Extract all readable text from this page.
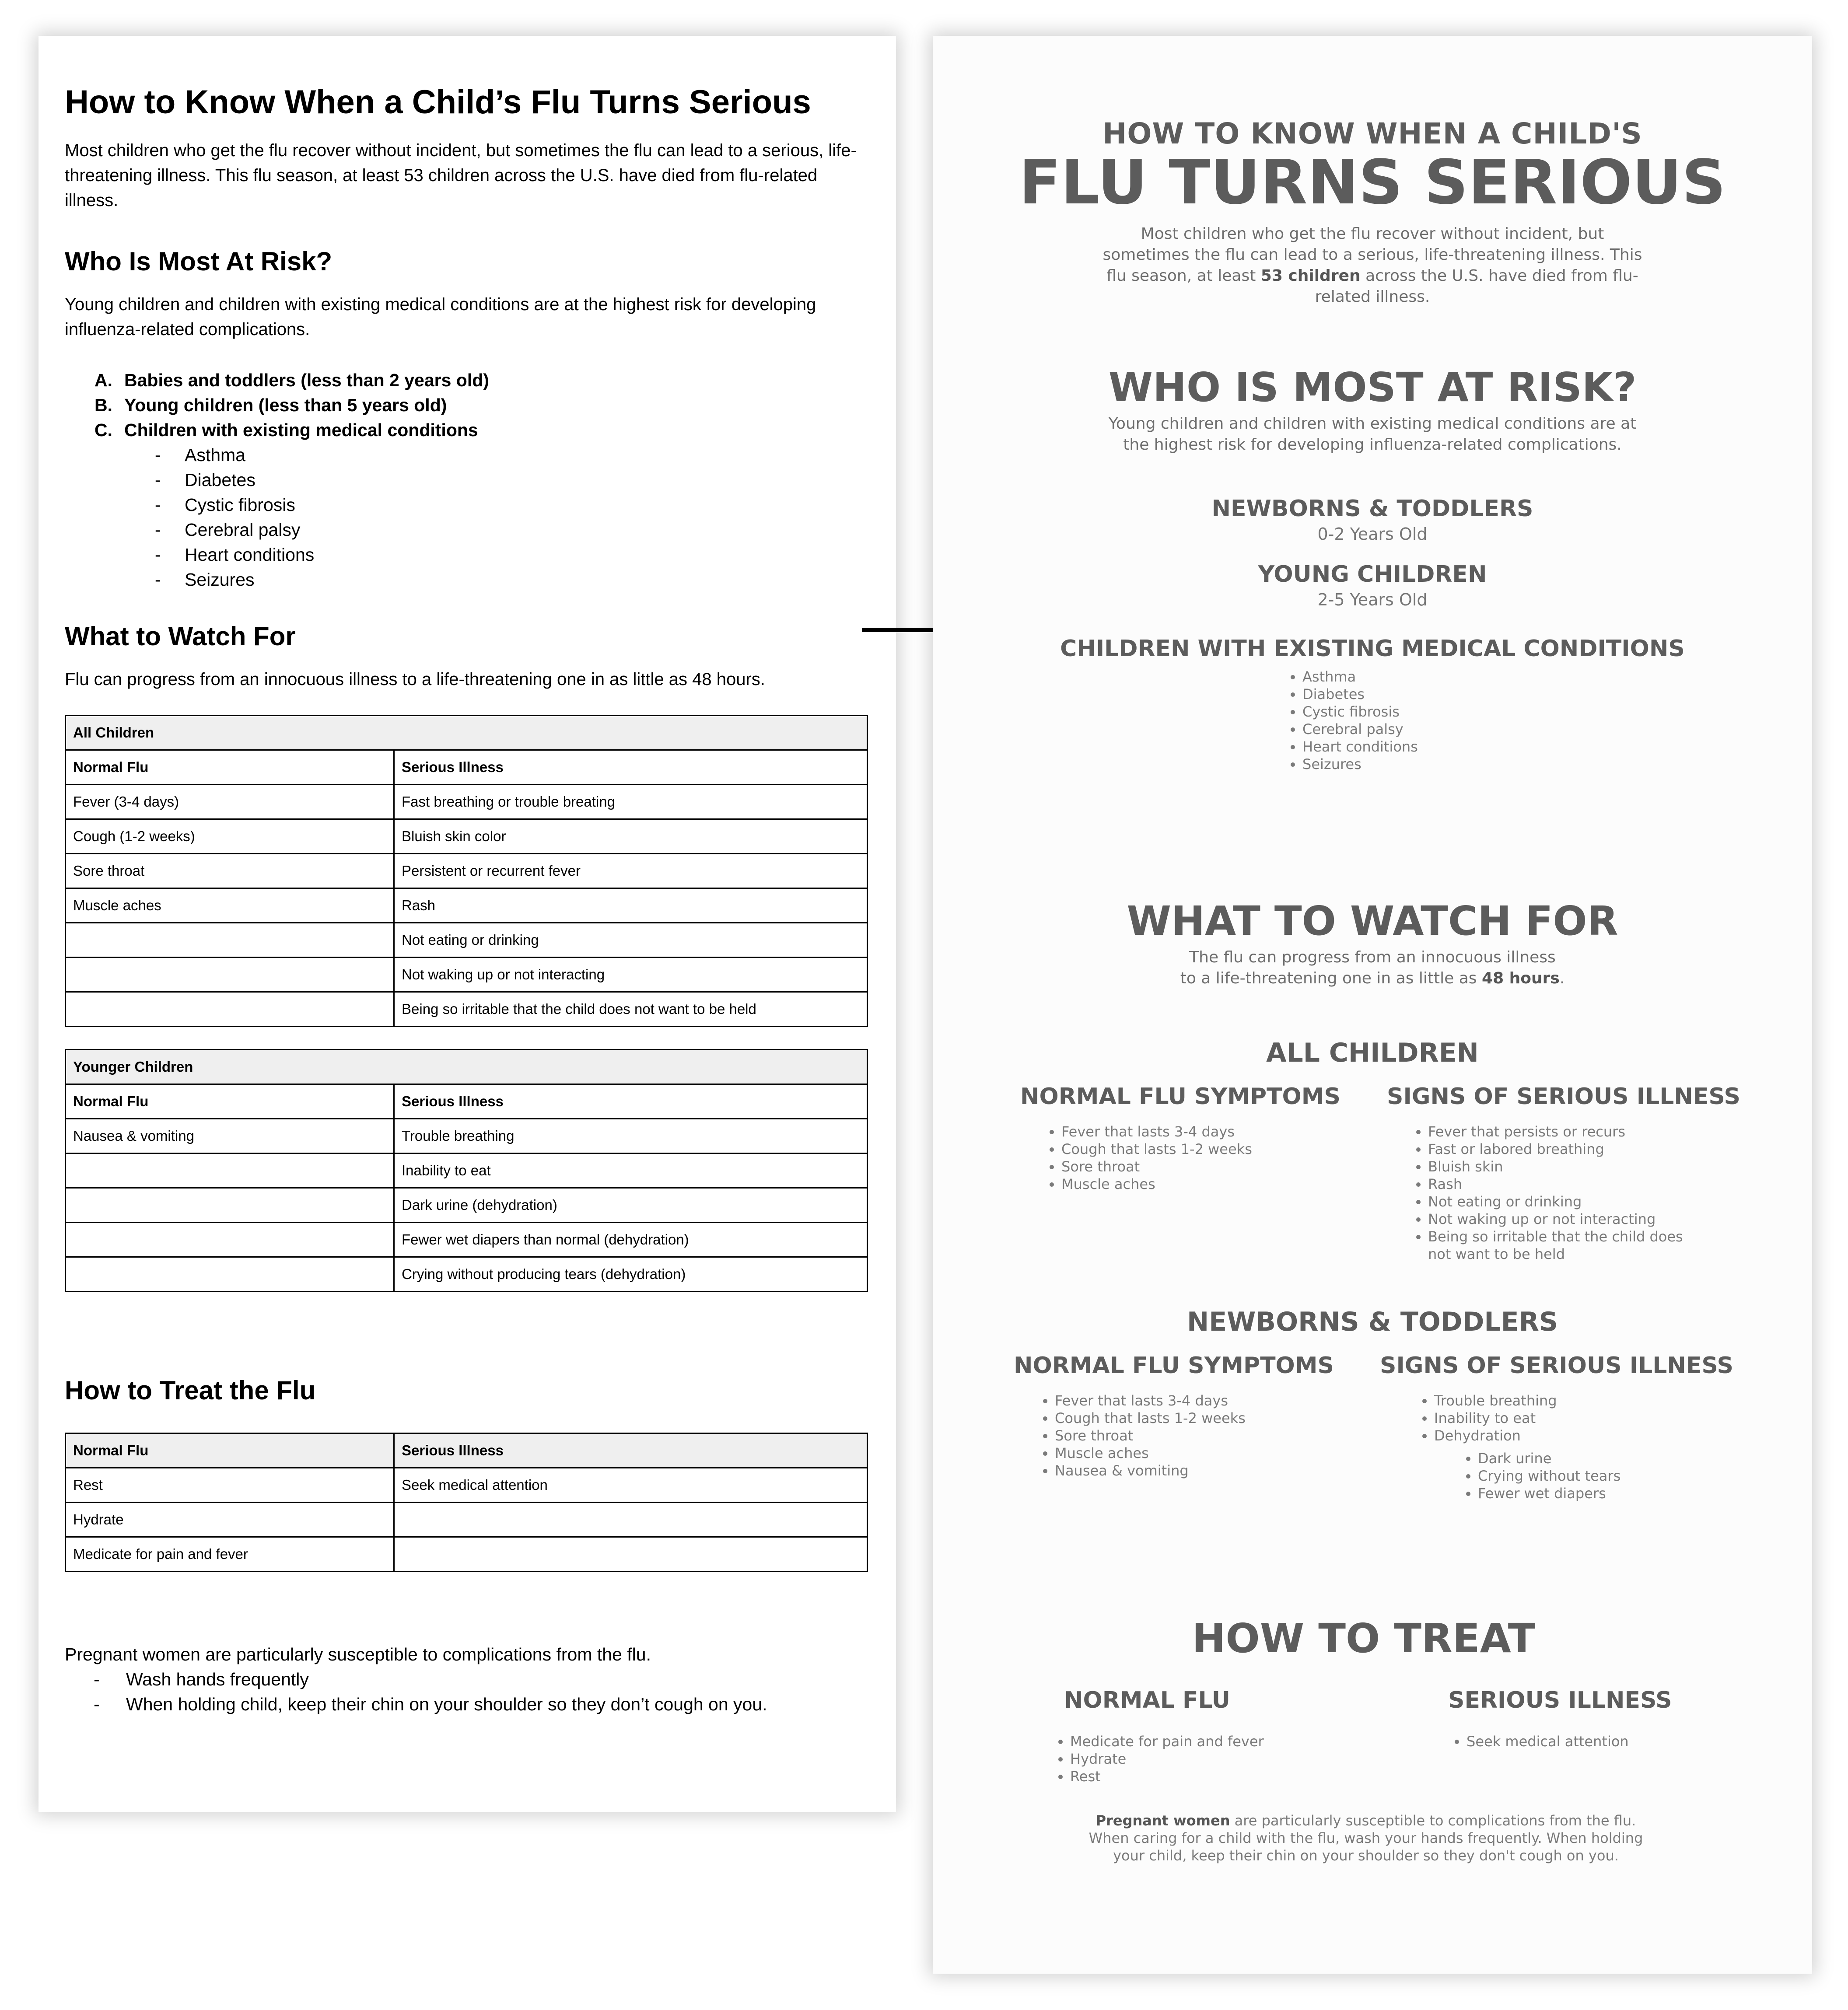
How to Know When a Child’s Flu Turns Serious

Most children who get the flu recover without incident, but sometimes the flu can lead to a serious, life-threatening illness. This flu season, at least 53 children across the U.S. have died from flu-related illness.

Who Is Most At Risk?

Young children and children with existing medical conditions are at the highest risk for developing influenza-related complications.

A. Babies and toddlers (less than 2 years old)
B. Young children (less than 5 years old)
C. Children with existing medical conditions
- Asthma
- Diabetes
- Cystic fibrosis
- Cerebral palsy
- Heart conditions
- Seizures
What to Watch For

Flu can progress from an innocuous illness to a life-threatening one in as little as 48 hours.

All Children	
Normal Flu	Serious Illness
Fever (3-4 days)	Fast breathing or trouble breating
Cough (1-2 weeks)	Bluish skin color
Sore throat	Persistent or recurrent fever
Muscle aches	Rash
	Not eating or drinking
	Not waking up or not interacting
	Being so irritable that the child does not want to be held
Younger Children	
Normal Flu	Serious Illness
Nausea & vomiting	Trouble breathing
	Inability to eat
	Dark urine (dehydration)
	Fewer wet diapers than normal (dehydration)
	Crying without producing tears (dehydration)
How to Treat the Flu
Normal Flu	Serious Illness
Rest	Seek medical attention
Hydrate	
Medicate for pain and fever	
Pregnant women are particularly susceptible to complications from the flu.
- Wash hands frequently
- When holding child, keep their chin on your shoulder so they don’t cough on you.
HOW TO KNOW WHEN A CHILD'S
FLU TURNS SERIOUS
Most children who get the flu recover without incident, but sometimes the flu can lead to a serious, life-threatening illness. This flu season, at least 53 children across the U.S. have died from flu-related illness.
WHO IS MOST AT RISK?
Young children and children with existing medical conditions are at the highest risk for developing influenza-related complications.
NEWBORNS & TODDLERS
0-2 Years Old
YOUNG CHILDREN
2-5 Years Old
CHILDREN WITH EXISTING MEDICAL CONDITIONS
• Asthma
• Diabetes
• Cystic fibrosis
• Cerebral palsy
• Heart conditions
• Seizures
WHAT TO WATCH FOR
The flu can progress from an innocuous illness
to a life-threatening one in as little as 48 hours.
ALL CHILDREN
NORMAL FLU SYMPTOMS
• Fever that lasts 3-4 days
• Cough that lasts 1-2 weeks
• Sore throat
• Muscle aches
SIGNS OF SERIOUS ILLNESS
• Fever that persists or recurs
• Fast or labored breathing
• Bluish skin
• Rash
• Not eating or drinking
• Not waking up or not interacting
• Being so irritable that the child does not want to be held
NEWBORNS & TODDLERS
NORMAL FLU SYMPTOMS
• Fever that lasts 3-4 days
• Cough that lasts 1-2 weeks
• Sore throat
• Muscle aches
• Nausea & vomiting
SIGNS OF SERIOUS ILLNESS
• Trouble breathing
• Inability to eat
• Dehydration
• Dark urine
• Crying without tears
• Fewer wet diapers
HOW TO TREAT
NORMAL FLU
• Medicate for pain and fever
• Hydrate
• Rest
SERIOUS ILLNESS
• Seek medical attention
Pregnant women are particularly susceptible to complications from the flu. When caring for a child with the flu, wash your hands frequently. When holding your child, keep their chin on your shoulder so they don't cough on you.
